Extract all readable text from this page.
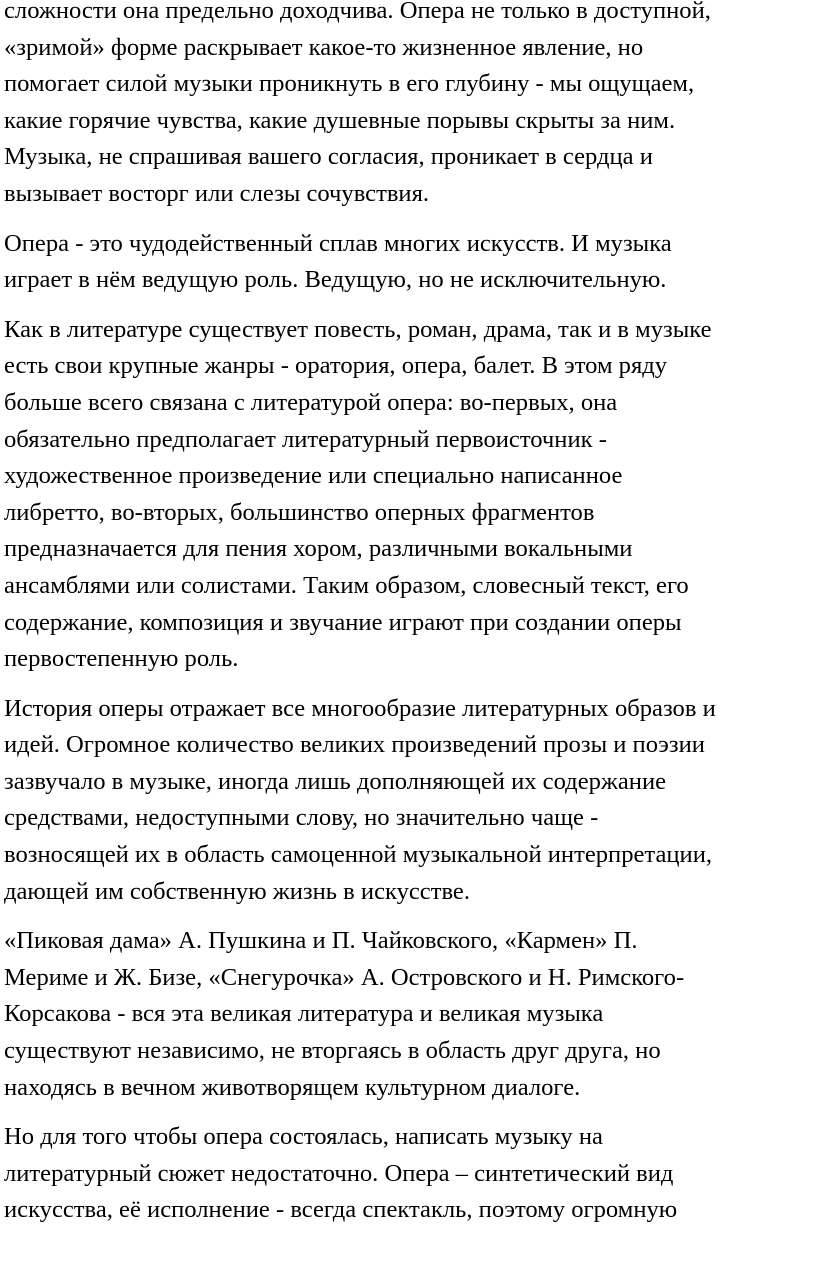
сложности она предельно доходчива. Опера не только в доступной,
«зримой» форме раскрывает какое-то жизненное явление, но
помогает силой музыки проникнуть в его глубину - мы ощущаем,
какие горячие чувства, какие душевные порывы скрыты за ним.
Музыка, не спрашивая вашего согласия, проникает в сердца и
вызывает восторг или слезы сочувствия.

Опера - это чудодейственный сплав многих искусств. И музыка
играет в нём ведущую роль. Ведущую, но не исключительную.

Как в литературе существует повесть, роман, драма, так и в музыке
есть свои крупные жанры - оратория, опера, балет. В этом ряду
больше всего связана с литературой опера: во-первых, она
обязательно предполагает литературный первоисточник -
художественное произведение или специально написанное
либретто, во-вторых, большинство оперных фрагментов
предназначается для пения хором, различными вокальными
ансамблями или солистами. Таким образом, словесный текст, его
содержание, композиция и звучание играют при создании оперы
первостепенную роль.

История оперы отражает все многообразие литературных образов и
идей. Огромное количество великих произведений прозы и поэзии
зазвучало в музыке, иногда лишь дополняющей их содержание
средствами, недоступными слову, но значительно чаще -
возносящей их в область самоценной музыкальной интерпретации,
дающей им собственную жизнь в искусстве.

«Пиковая дама» А. Пушкина и П. Чайковского, «Кармен» П.
Мериме и Ж. Бизе, «Снегурочка» А. Островского и Н. Римского-
Корсакова - вся эта великая литература и великая музыка
существуют независимо, не вторгаясь в область друг друга, но
находясь в вечном животворящем культурном диалоге.

Но для того чтобы опера состоялась, написать музыку на
литературный сюжет недостаточно. Опера – синтетический вид
искусства, её исполнение - всегда спектакль, поэтому огромную
